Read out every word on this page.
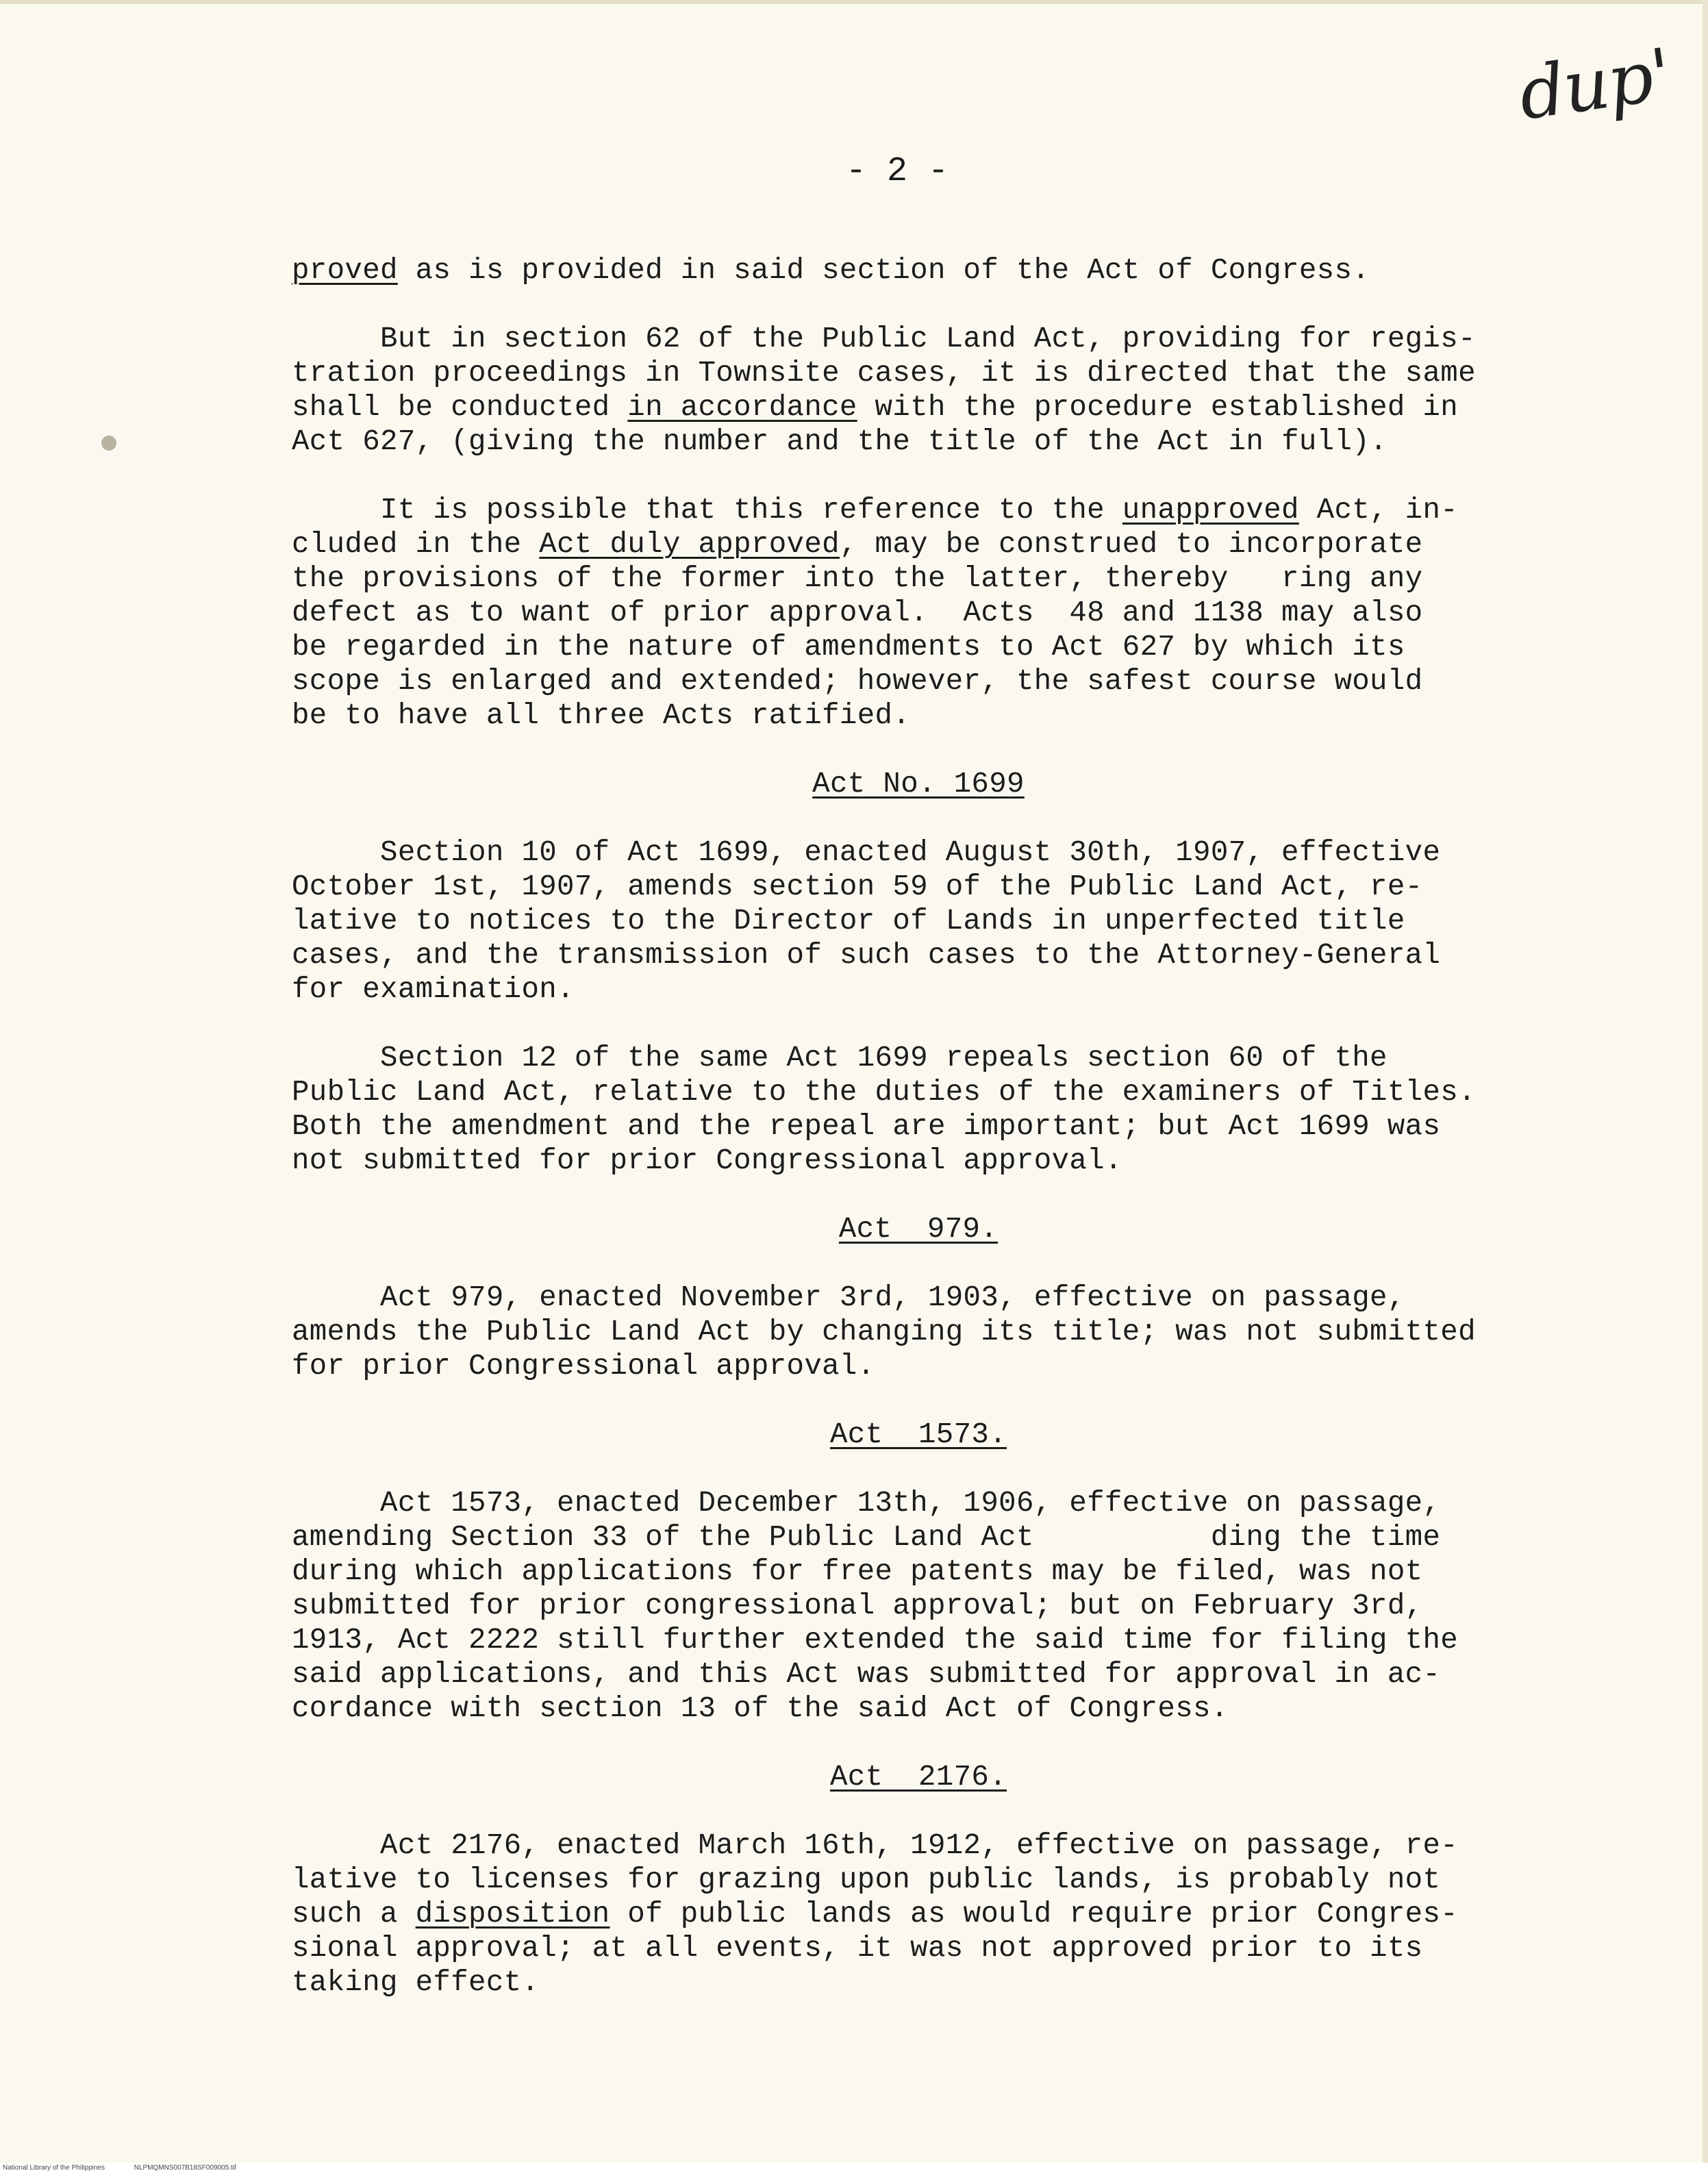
dup'
- 2 -
proved as is provided in said section of the Act of Congress.
But in section 62 of the Public Land Act, providing for regis-
tration proceedings in Townsite cases, it is directed that the same
shall be conducted in accordance with the procedure established in
Act 627, (giving the number and the title of the Act in full).
It is possible that this reference to the unapproved Act, in-
cluded in the Act duly approved, may be construed to incorporate
the provisions of the former into the latter, thereby   ring any
defect as to want of prior approval.  Acts  48 and 1138 may also
be regarded in the nature of amendments to Act 627 by which its
scope is enlarged and extended; however, the safest course would
be to have all three Acts ratified.
Act No. 1699
Section 10 of Act 1699, enacted August 30th, 1907, effective
October 1st, 1907, amends section 59 of the Public Land Act, re-
lative to notices to the Director of Lands in unperfected title
cases, and the transmission of such cases to the Attorney-General
for examination.
Section 12 of the same Act 1699 repeals section 60 of the
Public Land Act, relative to the duties of the examiners of Titles.
Both the amendment and the repeal are important; but Act 1699 was
not submitted for prior Congressional approval.
Act  979.
Act 979, enacted November 3rd, 1903, effective on passage,
amends the Public Land Act by changing its title; was not submitted
for prior Congressional approval.
Act  1573.
Act 1573, enacted December 13th, 1906, effective on passage,
amending Section 33 of the Public Land Act          ding the time
during which applications for free patents may be filed, was not
submitted for prior congressional approval; but on February 3rd,
1913, Act 2222 still further extended the said time for filing the
said applications, and this Act was submitted for approval in ac-
cordance with section 13 of the said Act of Congress.
Act  2176.
Act 2176, enacted March 16th, 1912, effective on passage, re-
lative to licenses for grazing upon public lands, is probably not
such a disposition of public lands as would require prior Congres-
sional approval; at all events, it was not approved prior to its
taking effect.
National Library of the Philippines	NLPMQMNS007B18SF009005.tif
